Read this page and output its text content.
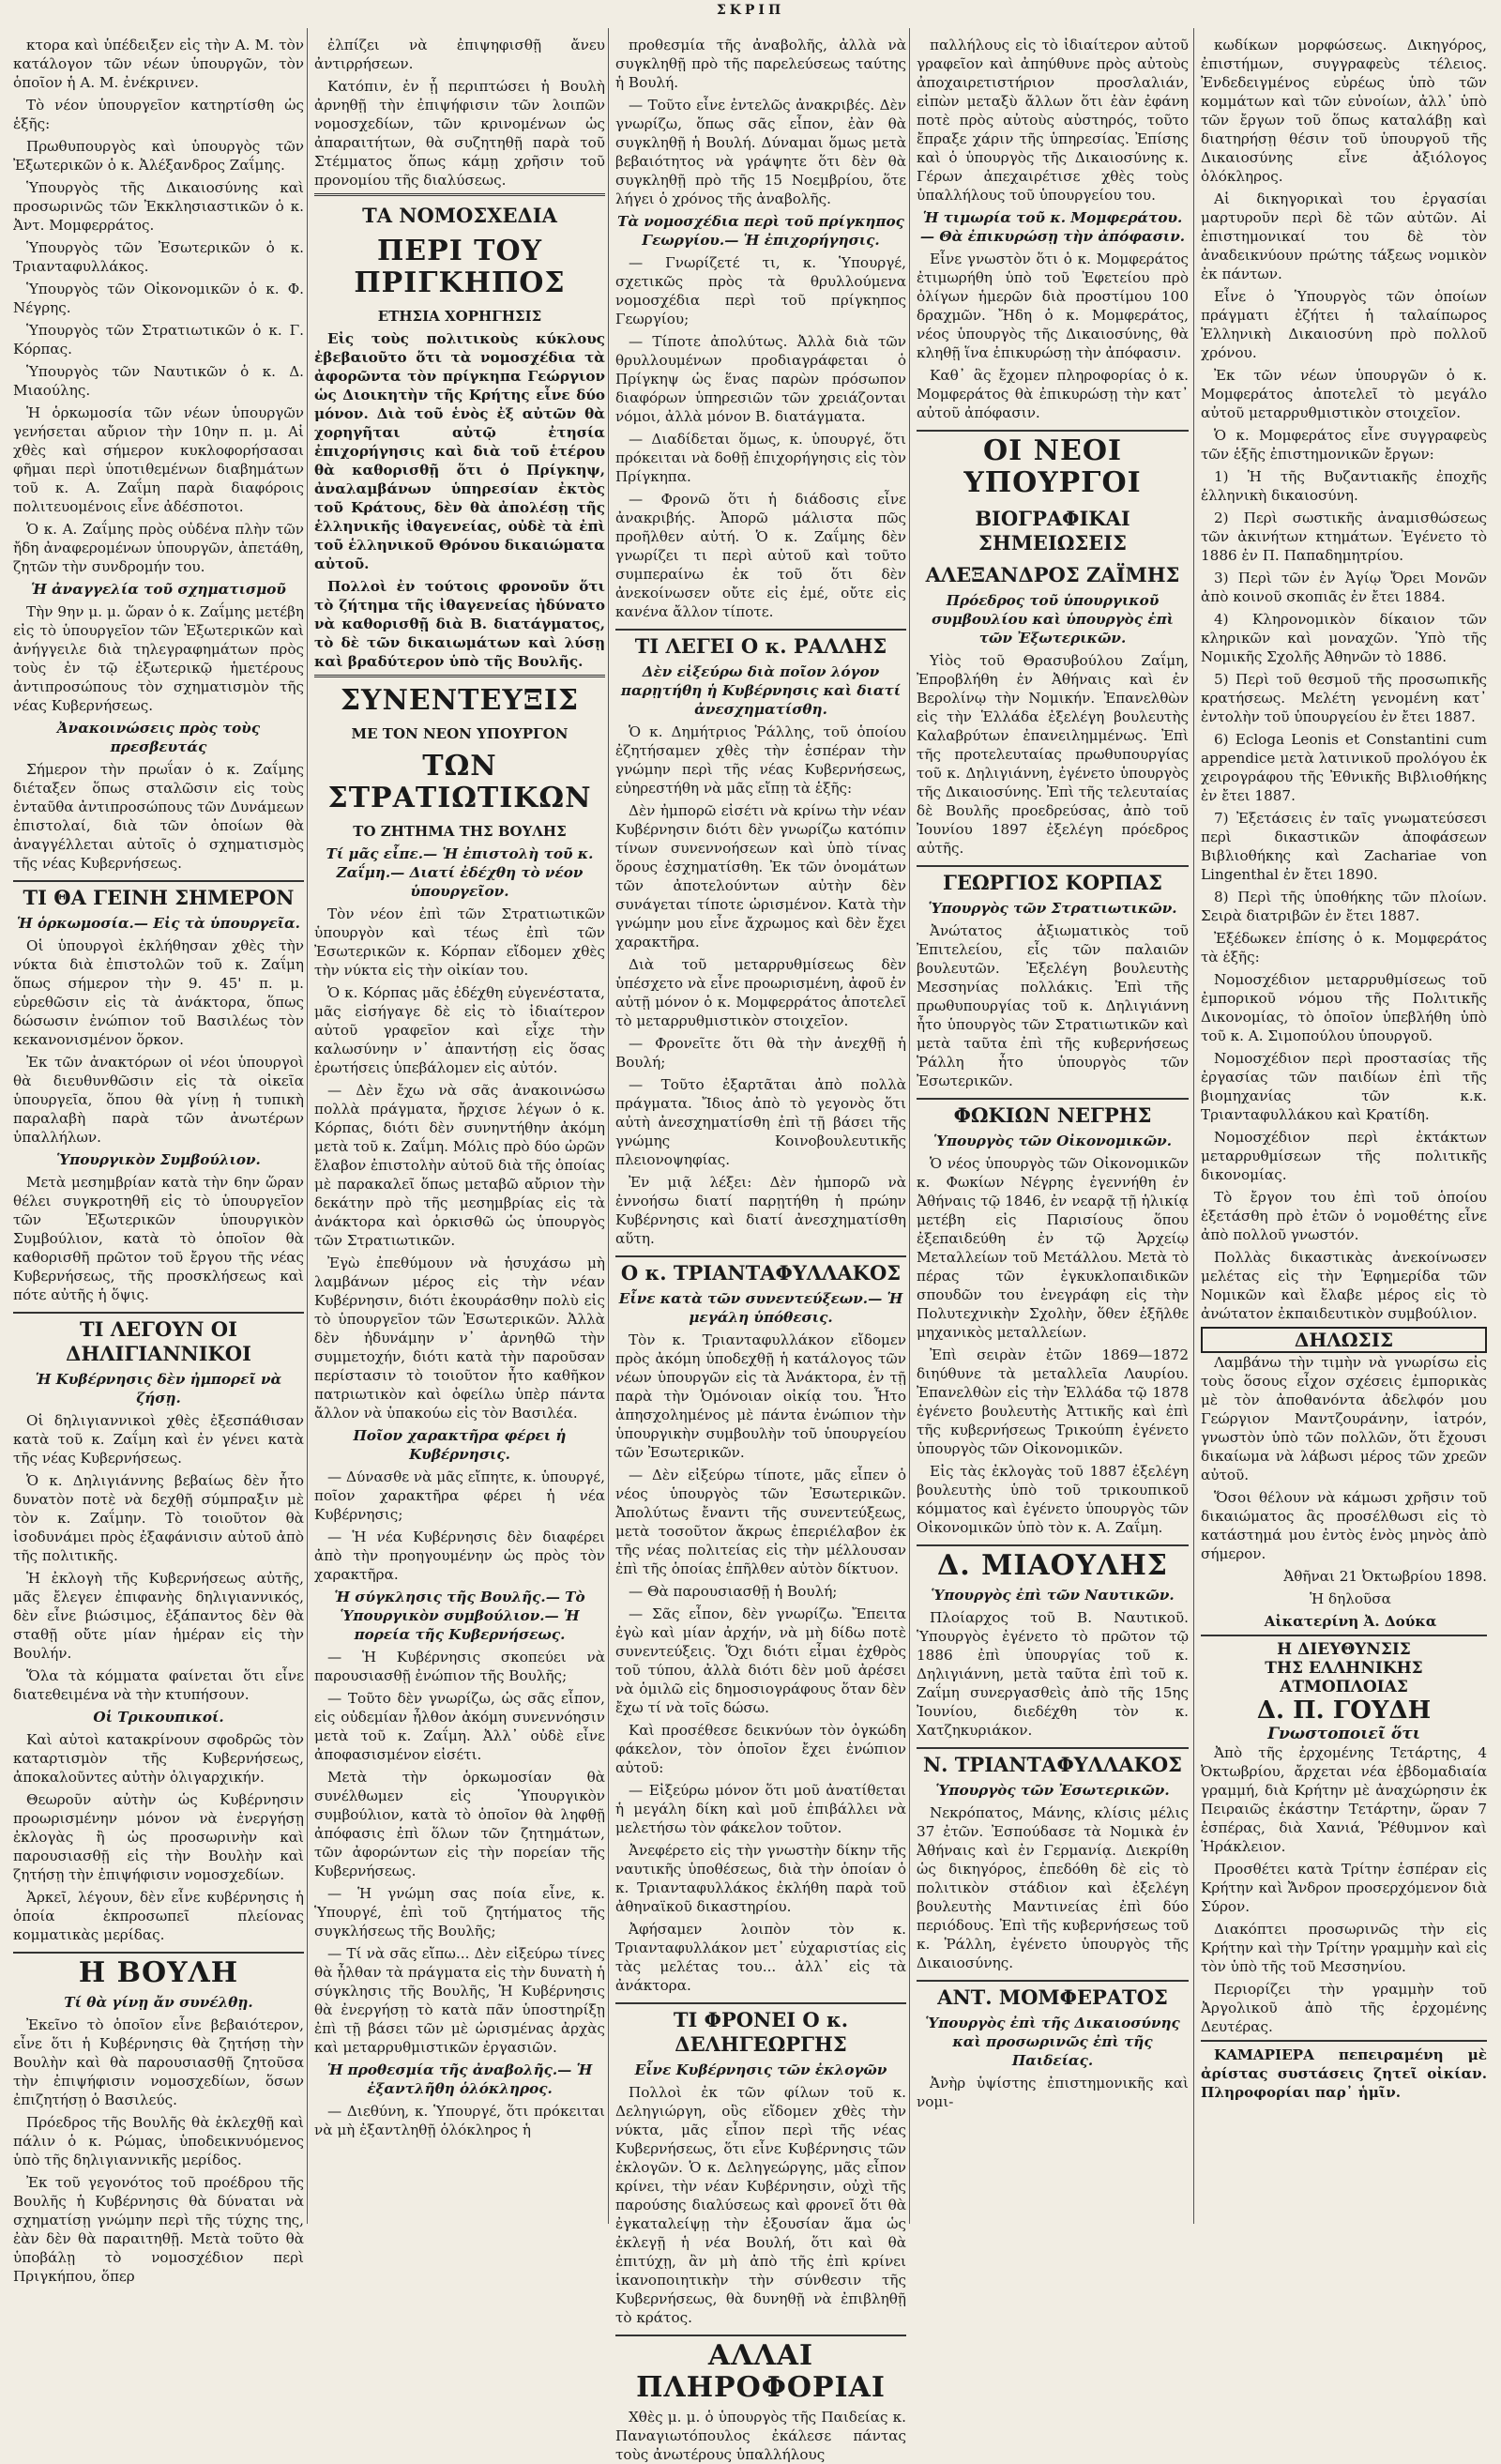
ΣΚΡΙΠ

κτορα καὶ ὑπέδειξεν εἰς τὴν Α. Μ. τὸν κατάλογον τῶν νέων ὑπουργῶν, τὸν ὁποῖον ἡ Α. Μ. ἐνέκρινεν.

Τὸ νέον ὑπουργεῖον κατηρτίσθη ὡς ἑξῆς:

Πρωθυπουργὸς καὶ ὑπουργὸς τῶν Ἐξωτερικῶν ὁ κ. Ἀλέξανδρος Ζαΐμης.

Ὑπουργὸς τῆς Δικαιοσύνης καὶ προσωρινῶς τῶν Ἐκκλησιαστικῶν ὁ κ. Ἀντ. Μομφερράτος.

Ὑπουργὸς τῶν Ἐσωτερικῶν ὁ κ. Τριανταφυλλάκος.

Ὑπουργὸς τῶν Οἰκονομικῶν ὁ κ. Φ. Νέγρης.

Ὑπουργὸς τῶν Στρατιωτικῶν ὁ κ. Γ. Κόρπας.

Ὑπουργὸς τῶν Ναυτικῶν ὁ κ. Δ. Μιαούλης.

Ἡ ὁρκωμοσία τῶν νέων ὑπουργῶν γενήσεται αὔριον τὴν 10ην π. μ. Αἱ χθὲς καὶ σήμερον κυκλοφορήσασαι φῆμαι περὶ ὑποτιθεμένων διαβημάτων τοῦ κ. Α. Ζαΐμη παρὰ διαφόροις πολιτευομένοις εἶνε ἀδέσποτοι.

Ὁ κ. Α. Ζαΐμης πρὸς οὐδένα πλὴν τῶν ἤδη ἀναφερομένων ὑπουργῶν, ἀπετάθη, ζητῶν τὴν συνδρομήν του.

Ἡ ἀναγγελία τοῦ σχηματισμοῦ

Τὴν 9ην μ. μ. ὥραν ὁ κ. Ζαΐμης μετέβη εἰς τὸ ὑπουργεῖον τῶν Ἐξωτερικῶν καὶ ἀνήγγειλε διὰ τηλεγραφημάτων πρὸς τοὺς ἐν τῷ ἐξωτερικῷ ἡμετέρους ἀντιπροσώπους τὸν σχηματισμὸν τῆς νέας Κυβερνήσεως.

Ἀνακοινώσεις πρὸς τοὺς πρεσβευτάς

Σήμερον τὴν πρωΐαν ὁ κ. Ζαΐμης διέταξεν ὅπως σταλῶσιν εἰς τοὺς ἐνταῦθα ἀντιπροσώπους τῶν Δυνάμεων ἐπιστολαί, διὰ τῶν ὁποίων θὰ ἀναγγέλλεται αὐτοῖς ὁ σχηματισμὸς τῆς νέας Κυβερνήσεως.

ΤΙ ΘΑ ΓΕΙΝΗ ΣΗΜΕΡΟΝ

Ἡ ὁρκωμοσία.— Εἰς τὰ ὑπουργεῖα.

Οἱ ὑπουργοὶ ἐκλήθησαν χθὲς τὴν νύκτα διὰ ἐπιστολῶν τοῦ κ. Ζαΐμη ὅπως σήμερον τὴν 9. 45' π. μ. εὑρεθῶσιν εἰς τὰ ἀνάκτορα, ὅπως δώσωσιν ἐνώπιον τοῦ Βασιλέως τὸν κεκανονισμένον ὅρκον.

Ἐκ τῶν ἀνακτόρων οἱ νέοι ὑπουργοὶ θὰ διευθυνθῶσιν εἰς τὰ οἰκεῖα ὑπουργεῖα, ὅπου θὰ γίνῃ ἡ τυπικὴ παραλαβὴ παρὰ τῶν ἀνωτέρων ὑπαλλήλων.

Ὑπουργικὸν Συμβούλιον.

Μετὰ μεσημβρίαν κατὰ τὴν 6ην ὥραν θέλει συγκροτηθῆ εἰς τὸ ὑπουργεῖον τῶν Ἐξωτερικῶν ὑπουργικὸν Συμβούλιον, κατὰ τὸ ὁποῖον θὰ καθορισθῆ πρῶτον τοῦ ἔργου τῆς νέας Κυβερνήσεως, τῆς προσκλήσεως καὶ πότε αὐτῆς ἡ ὅψις.

ΤΙ ΛΕΓΟΥΝ ΟΙ ΔΗΛΙΓΙΑΝΝΙΚΟΙ

Ἡ Κυβέρνησις δὲν ἠμπορεῖ νὰ ζήσῃ.

Οἱ δηλιγιαννικοὶ χθὲς ἐξεσπάθισαν κατὰ τοῦ κ. Ζαΐμη καὶ ἐν γένει κατὰ τῆς νέας Κυβερνήσεως.

Ὁ κ. Δηλιγιάννης βεβαίως δὲν ἦτο δυνατὸν ποτὲ νὰ δεχθῇ σύμπραξιν μὲ τὸν κ. Ζαΐμην. Τὸ τοιοῦτον θὰ ἰσοδυνάμει πρὸς ἐξαφάνισιν αὐτοῦ ἀπὸ τῆς πολιτικῆς.

Ἡ ἐκλογὴ τῆς Κυβερνήσεως αὐτῆς, μᾶς ἔλεγεν ἐπιφανὴς δηλιγιαννικός, δὲν εἶνε βιώσιμος, ἐξάπαντος δὲν θὰ σταθῇ οὔτε μίαν ἡμέραν εἰς τὴν Βουλήν.

Ὅλα τὰ κόμματα φαίνεται ὅτι εἶνε διατεθειμένα νὰ τὴν κτυπήσουν.

Οἱ Τρικουπικοί.

Καὶ αὐτοὶ κατακρίνουν σφοδρῶς τὸν καταρτισμὸν τῆς Κυβερνήσεως, ἀποκαλοῦντες αὐτὴν ὀλιγαρχικήν.

Θεωροῦν αὐτὴν ὡς Κυβέρνησιν προωρισμένην μόνον νὰ ἐνεργήσῃ ἐκλογὰς ἢ ὡς προσωρινὴν καὶ παρουσιασθῇ εἰς τὴν Βουλὴν καὶ ζητήσῃ τὴν ἐπιψήφισιν νομοσχεδίων.

Ἀρκεῖ, λέγουν, δὲν εἶνε κυβέρνησις ἡ ὁποία ἐκπροσωπεῖ πλείονας κομματικὰς μερίδας.

Η ΒΟΥΛΗ

Τί θὰ γίνῃ ἄν συνέλθῃ.

Ἐκεῖνο τὸ ὁποῖον εἶνε βεβαιότερον, εἶνε ὅτι ἡ Κυβέρνησις θὰ ζητήσῃ τὴν Βουλὴν καὶ θὰ παρουσιασθῇ ζητοῦσα τὴν ἐπιψήφισιν νομοσχεδίων, ὅσων ἐπιζητήσῃ ὁ Βασιλεύς.

Πρόεδρος τῆς Βουλῆς θὰ ἐκλεχθῇ καὶ πάλιν ὁ κ. Ρώμας, ὑποδεικνυόμενος ὑπὸ τῆς δηλιγιαννικῆς μερίδος.

Ἐκ τοῦ γεγονότος τοῦ προέδρου τῆς Βουλῆς ἡ Κυβέρνησις θὰ δύναται νὰ σχηματίσῃ γνώμην περὶ τῆς τύχης της, ἐὰν δὲν θὰ παραιτηθῇ. Μετὰ τοῦτο θὰ ὑποβάλῃ τὸ νομοσχέδιον περὶ Πριγκήπου, ὅπερ

ἐλπίζει νὰ ἐπιψηφισθῇ ἄνευ ἀντιρρήσεων.

Κατόπιν, ἐν ᾗ περιπτώσει ἡ Βουλὴ ἀρνηθῇ τὴν ἐπιψήφισιν τῶν λοιπῶν νομοσχεδίων, τῶν κρινομένων ὡς ἀπαραιτήτων, θὰ συζητηθῇ παρὰ τοῦ Στέμματος ὅπως κάμῃ χρῆσιν τοῦ προνομίου τῆς διαλύσεως.

ΤΑ ΝΟΜΟΣΧΕΔΙΑ
ΠΕΡΙ ΤΟΥ ΠΡΙΓΚΗΠΟΣ
ΕΤΗΣΙΑ ΧΟΡΗΓΗΣΙΣ

Εἰς τοὺς πολιτικοὺς κύκλους ἐβεβαιοῦτο ὅτι τὰ νομοσχέδια τὰ ἀφορῶντα τὸν πρίγκηπα Γεώργιον ὡς Διοικητὴν τῆς Κρήτης εἶνε δύο μόνον. Διὰ τοῦ ἑνὸς ἐξ αὐτῶν θὰ χορηγῆται αὐτῷ ἐτησία ἐπιχορήγησις καὶ διὰ τοῦ ἑτέρου θὰ καθορισθῇ ὅτι ὁ Πρίγκηψ, ἀναλαμβάνων ὑπηρεσίαν ἐκτὸς τοῦ Κράτους, δὲν θὰ ἀπολέσῃ τῆς ἑλληνικῆς ἰθαγενείας, οὐδὲ τὰ ἐπὶ τοῦ ἑλληνικοῦ Θρόνου δικαιώματα αὐτοῦ.

Πολλοὶ ἐν τούτοις φρονοῦν ὅτι τὸ ζήτημα τῆς ἰθαγενείας ἠδύνατο νὰ καθορισθῇ διὰ Β. διατάγματος, τὸ δὲ τῶν δικαιωμάτων καὶ λύσῃ καὶ βραδύτερον ὑπὸ τῆς Βουλῆς.

ΣΥΝΕΝΤΕΥΞΙΣ
ΜΕ ΤΟΝ ΝΕΟΝ ΥΠΟΥΡΓΟΝ
ΤΩΝ ΣΤΡΑΤΙΩΤΙΚΩΝ
ΤΟ ΖΗΤΗΜΑ ΤΗΣ ΒΟΥΛΗΣ

Τί μᾶς εἶπε.— Ἡ ἐπιστολὴ τοῦ κ. Ζαΐμη.— Διατί ἐδέχθη τὸ νέον ὑπουργεῖον.

Τὸν νέον ἐπὶ τῶν Στρατιωτικῶν ὑπουργὸν καὶ τέως ἐπὶ τῶν Ἐσωτερικῶν κ. Κόρπαν εἴδομεν χθὲς τὴν νύκτα εἰς τὴν οἰκίαν του.

Ὁ κ. Κόρπας μᾶς ἐδέχθη εὐγενέστατα, μᾶς εἰσήγαγε δὲ εἰς τὸ ἰδιαίτερον αὐτοῦ γραφεῖον καὶ εἶχε τὴν καλωσύνην ν᾽ ἀπαντήσῃ εἰς ὅσας ἐρωτήσεις ὑπεβάλομεν εἰς αὐτόν.

— Δὲν ἔχω νὰ σᾶς ἀνακοινώσω πολλὰ πράγματα, ἤρχισε λέγων ὁ κ. Κόρπας, διότι δὲν συνηντήθην ἀκόμη μετὰ τοῦ κ. Ζαΐμη. Μόλις πρὸ δύο ὡρῶν ἔλαβον ἐπιστολὴν αὐτοῦ διὰ τῆς ὁποίας μὲ παρακαλεῖ ὅπως μεταβῶ αὔριον τὴν δεκάτην πρὸ τῆς μεσημβρίας εἰς τὰ ἀνάκτορα καὶ ὁρκισθῶ ὡς ὑπουργὸς τῶν Στρατιωτικῶν.

Ἐγὼ ἐπεθύμουν νὰ ἡσυχάσω μὴ λαμβάνων μέρος εἰς τὴν νέαν Κυβέρνησιν, διότι ἐκουράσθην πολὺ εἰς τὸ ὑπουργεῖον τῶν Ἐσωτερικῶν. Ἀλλὰ δὲν ἠδυνάμην ν᾽ ἀρνηθῶ τὴν συμμετοχήν, διότι κατὰ τὴν παροῦσαν περίστασιν τὸ τοιοῦτον ἦτο καθῆκον πατριωτικὸν καὶ ὀφείλω ὑπὲρ πάντα ἄλλον νὰ ὑπακούω εἰς τὸν Βασιλέα.

Ποῖον χαρακτῆρα φέρει ἡ Κυβέρνησις.

— Δύνασθε νὰ μᾶς εἴπητε, κ. ὑπουργέ, ποῖον χαρακτῆρα φέρει ἡ νέα Κυβέρνησις;

— Ἡ νέα Κυβέρνησις δὲν διαφέρει ἀπὸ τὴν προηγουμένην ὡς πρὸς τὸν χαρακτῆρα.

Ἡ σύγκλησις τῆς Βουλῆς.— Τὸ Ὑπουργικὸν συμβούλιον.— Ἡ πορεία τῆς Κυβερνήσεως.

— Ἡ Κυβέρνησις σκοπεύει νὰ παρουσιασθῇ ἐνώπιον τῆς Βουλῆς;

— Τοῦτο δὲν γνωρίζω, ὡς σᾶς εἶπον, εἰς οὐδεμίαν ἦλθον ἀκόμη συνεννόησιν μετὰ τοῦ κ. Ζαΐμη. Ἀλλ᾽ οὐδὲ εἶνε ἀποφασισμένον εἰσέτι.

Μετὰ τὴν ὁρκωμοσίαν θὰ συνέλθωμεν εἰς Ὑπουργικὸν συμβούλιον, κατὰ τὸ ὁποῖον θὰ ληφθῇ ἀπόφασις ἐπὶ ὅλων τῶν ζητημάτων, τῶν ἀφορώντων εἰς τὴν πορείαν τῆς Κυβερνήσεως.

— Ἡ γνώμη σας ποία εἶνε, κ. Ὑπουργέ, ἐπὶ τοῦ ζητήματος τῆς συγκλήσεως τῆς Βουλῆς;

— Τί νὰ σᾶς εἴπω... Δὲν εἰξεύρω τίνες θὰ ἦλθαν τὰ πράγματα εἰς τὴν δυνατὴ ἡ σύγκλησις τῆς Βουλῆς, Ἡ Κυβέρνησις θὰ ἐνεργήσῃ τὸ κατὰ πᾶν ὑποστηρίξῃ ἐπὶ τῇ βάσει τῶν μὲ ὡρισμένας ἀρχὰς καὶ μεταρρυθμιστικῶν ἐργασιῶν.

Ἡ προθεσμία τῆς ἀναβολῆς.— Ἡ ἐξαντλῆθη ὁλόκληρος.

— Διεθύνη, κ. Ὑπουργέ, ὅτι πρόκειται νὰ μὴ ἐξαντληθῇ ὁλόκληρος ἡ

προθεσμία τῆς ἀναβολῆς, ἀλλὰ νὰ συγκληθῇ πρὸ τῆς παρελεύσεως ταύτης ἡ Βουλή.

— Τοῦτο εἶνε ἐντελῶς ἀνακριβές. Δὲν γνωρίζω, ὅπως σᾶς εἶπον, ἐὰν θὰ συγκληθῇ ἡ Βουλή. Δύναμαι ὅμως μετὰ βεβαιότητος νὰ γράψητε ὅτι δὲν θὰ συγκληθῇ πρὸ τῆς 15 Νοεμβρίου, ὅτε λήγει ὁ χρόνος τῆς ἀναβολῆς.

Τὰ νομοσχέδια περὶ τοῦ πρίγκηπος Γεωργίου.— Ἡ ἐπιχορήγησις.

— Γνωρίζετέ τι, κ. Ὑπουργέ, σχετικῶς πρὸς τὰ θρυλλούμενα νομοσχέδια περὶ τοῦ πρίγκηπος Γεωργίου;

— Τίποτε ἀπολύτως. Ἀλλὰ διὰ τῶν θρυλλουμένων προδιαγράφεται ὁ Πρίγκηψ ὡς ἕνας παρὼν πρόσωπον διαφόρων ὑπηρεσιῶν τῶν χρειάζονται νόμοι, ἀλλὰ μόνον Β. διατάγματα.

— Διαδίδεται ὅμως, κ. ὑπουργέ, ὅτι πρόκειται νὰ δοθῇ ἐπιχορήγησις εἰς τὸν Πρίγκηπα.

— Φρονῶ ὅτι ἡ διάδοσις εἶνε ἀνακριβής. Ἀπορῶ μάλιστα πῶς προῆλθεν αὐτή. Ὁ κ. Ζαΐμης δὲν γνωρίζει τι περὶ αὐτοῦ καὶ τοῦτο συμπεραίνω ἐκ τοῦ ὅτι δὲν ἀνεκοίνωσεν οὔτε εἰς ἐμέ, οὔτε εἰς κανένα ἄλλον τίποτε.

ΤΙ ΛΕΓΕΙ Ο κ. ΡΑΛΛΗΣ

Δὲν εἰξεύρω διὰ ποῖον λόγον παρῃτήθη ἡ Κυβέρνησις καὶ διατί ἀνεσχηματίσθη.

Ὁ κ. Δημήτριος Ῥάλλης, τοῦ ὁποίου ἐζητήσαμεν χθὲς τὴν ἑσπέραν τὴν γνώμην περὶ τῆς νέας Κυβερνήσεως, εὐηρεστήθη νὰ μᾶς εἴπῃ τὰ ἑξῆς:

Δὲν ἠμπορῶ εἰσέτι νὰ κρίνω τὴν νέαν Κυβέρνησιν διότι δὲν γνωρίζω κατόπιν τίνων συνεννοήσεων καὶ ὑπὸ τίνας ὅρους ἐσχηματίσθη. Ἐκ τῶν ὀνομάτων τῶν ἀποτελούντων αὐτὴν δὲν συνάγεται τίποτε ὡρισμένον. Κατὰ τὴν γνώμην μου εἶνε ἄχρωμος καὶ δὲν ἔχει χαρακτῆρα.

Διὰ τοῦ μεταρρυθμίσεως δὲν ὑπέσχετο νὰ εἶνε προωρισμένη, ἀφοῦ ἐν αὐτῇ μόνον ὁ κ. Μομφερράτος ἀποτελεῖ τὸ μεταρρυθμιστικὸν στοιχεῖον.

— Φρονεῖτε ὅτι θὰ τὴν ἀνεχθῇ ἡ Βουλή;

— Τοῦτο ἐξαρτᾶται ἀπὸ πολλὰ πράγματα. Ἴδιος ἀπὸ τὸ γεγονὸς ὅτι αὐτὴ ἀνεσχηματίσθη ἐπὶ τῇ βάσει τῆς γνώμης Κοινοβουλευτικῆς πλειονοψηφίας.

Ἐν μιᾷ λέξει: Δὲν ἠμπορῶ νὰ ἐννοήσω διατί παρῃτήθη ἡ πρώην Κυβέρνησις καὶ διατί ἀνεσχηματίσθη αὕτη.

Ο κ. ΤΡΙΑΝΤΑΦΥΛΛΑΚΟΣ

Εἶνε κατὰ τῶν συνεντεύξεων.— Ἡ μεγάλη ὑπόθεσις.

Τὸν κ. Τριανταφυλλάκον εἴδομεν πρὸς ἀκόμη ὑποδεχθῇ ἡ κατάλογος τῶν νέων ὑπουργῶν εἰς τὰ Ἀνάκτορα, ἐν τῇ παρὰ τὴν Ὁμόνοιαν οἰκίᾳ του. Ἦτο ἀπησχολημένος μὲ πάντα ἐνώπιον τὴν ὑπουργικὴν συμβουλὴν τοῦ ὑπουργείου τῶν Ἐσωτερικῶν.

— Δὲν εἰξεύρω τίποτε, μᾶς εἶπεν ὁ νέος ὑπουργὸς τῶν Ἐσωτερικῶν. Ἀπολύτως ἔναντι τῆς συνεντεύξεως, μετὰ τοσοῦτον ἄκρως ἐπεριέλαβον ἐκ τῆς νέας πολιτείας εἰς τὴν μέλλουσαν ἐπὶ τῆς ὁποίας ἐπῆλθεν αὐτὸν δίκτυον.

— Θὰ παρουσιασθῇ ἡ Βουλή;

— Σᾶς εἶπον, δὲν γνωρίζω. Ἔπειτα ἐγὼ καὶ μίαν ἀρχήν, νὰ μὴ δίδω ποτὲ συνεντεύξεις. Ὅχι διότι εἶμαι ἐχθρὸς τοῦ τύπου, ἀλλὰ διότι δὲν μοῦ ἀρέσει νὰ ὁμιλῶ εἰς δημοσιογράφους ὅταν δὲν ἔχω τί νὰ τοῖς δώσω.

Καὶ προσέθεσε δεικνύων τὸν ὀγκώδη φάκελον, τὸν ὁποῖον ἔχει ἐνώπιον αὐτοῦ:

— Εἰξεύρω μόνον ὅτι μοῦ ἀνατίθεται ἡ μεγάλη δίκη καὶ μοῦ ἐπιβάλλει νὰ μελετήσω τὸν φάκελον τοῦτον.

Ἀνεφέρετο εἰς τὴν γνωστὴν δίκην τῆς ναυτικῆς ὑποθέσεως, διὰ τὴν ὁποίαν ὁ κ. Τριανταφυλλάκος ἐκλήθη παρὰ τοῦ ἀθηναϊκοῦ δικαστηρίου.

Ἀφήσαμεν λοιπὸν τὸν κ. Τριανταφυλλάκον μετ᾽ εὐχαριστίας εἰς τὰς μελέτας του... ἀλλ᾽ εἰς τὰ ἀνάκτορα.

ΤΙ ΦΡΟΝΕΙ Ο κ. ΔΕΛΗΓΕΩΡΓΗΣ

Εἶνε Κυβέρνησις τῶν ἐκλογῶν

Πολλοὶ ἐκ τῶν φίλων τοῦ κ. Δεληγιώργη, οὓς εἴδομεν χθὲς τὴν νύκτα, μᾶς εἶπον περὶ τῆς νέας Κυβερνήσεως, ὅτι εἶνε Κυβέρνησις τῶν ἐκλογῶν. Ὁ κ. Δεληγεώργης, μᾶς εἶπον κρίνει, τὴν νέαν Κυβέρνησιν, οὐχὶ τῆς παρούσης διαλύσεως καὶ φρονεῖ ὅτι θὰ ἐγκαταλείψῃ τὴν ἐξουσίαν ἅμα ὡς ἐκλεγῇ ἡ νέα Βουλή, ὅτι καὶ θὰ ἐπιτύχῃ, ἂν μὴ ἀπὸ τῆς ἐπὶ κρίνει ἱκανοποιητικὴν τὴν σύνθεσιν τῆς Κυβερνήσεως, θὰ δυνηθῇ νὰ ἐπιβληθῇ τὸ κράτος.

ΑΛΛΑΙ ΠΛΗΡΟΦΟΡΙΑΙ

Χθὲς μ. μ. ὁ ὑπουργὸς τῆς Παιδείας κ. Παναγιωτόπουλος ἐκάλεσε πάντας τοὺς ἀνωτέρους ὑπαλλήλους

παλλήλους εἰς τὸ ἰδιαίτερον αὐτοῦ γραφεῖον καὶ ἀπηύθυνε πρὸς αὐτοὺς ἀποχαιρετιστήριον προσλαλιάν, εἰπὼν μεταξὺ ἄλλων ὅτι ἐὰν ἐφάνη ποτὲ πρὸς αὐτοὺς αὐστηρός, τοῦτο ἔπραξε χάριν τῆς ὑπηρεσίας. Ἐπίσης καὶ ὁ ὑπουργὸς τῆς Δικαιοσύνης κ. Γέρων ἀπεχαιρέτισε χθὲς τοὺς ὑπαλλήλους τοῦ ὑπουργείου του.

Ἡ τιμωρία τοῦ κ. Μομφεράτου.— Θὰ ἐπικυρώσῃ τὴν ἀπόφασιν.

Εἶνε γνωστὸν ὅτι ὁ κ. Μομφεράτος ἐτιμωρήθη ὑπὸ τοῦ Ἐφετείου πρὸ ὀλίγων ἡμερῶν διὰ προστίμου 100 δραχμῶν. Ἤδη ὁ κ. Μομφεράτος, νέος ὑπουργὸς τῆς Δικαιοσύνης, θὰ κληθῇ ἵνα ἐπικυρώσῃ τὴν ἀπόφασιν.

Καθ᾽ ἃς ἔχομεν πληροφορίας ὁ κ. Μομφεράτος θὰ ἐπικυρώσῃ τὴν κατ᾽ αὐτοῦ ἀπόφασιν.

ΟΙ ΝΕΟΙ ΥΠΟΥΡΓΟΙ
ΒΙΟΓΡΑΦΙΚΑΙ ΣΗΜΕΙΩΣΕΙΣ
ΑΛΕΞΑΝΔΡΟΣ ΖΑΪΜΗΣ

Πρόεδρος τοῦ ὑπουργικοῦ συμβουλίου καὶ ὑπουργὸς ἐπὶ τῶν Ἐξωτερικῶν.

Υἱὸς τοῦ Θρασυβούλου Ζαΐμη, Ἐπροβλήθη ἐν Ἀθήναις καὶ ἐν Βερολίνῳ τὴν Νομικήν. Ἐπανελθὼν εἰς τὴν Ἑλλάδα ἐξελέγη βουλευτὴς Καλαβρύτων ἐπανειλημμένως. Ἐπὶ τῆς προτελευταίας πρωθυπουργίας τοῦ κ. Δηλιγιάννη, ἐγένετο ὑπουργὸς τῆς Δικαιοσύνης. Ἐπὶ τῆς τελευταίας δὲ Βουλῆς προεδρεύσας, ἀπὸ τοῦ Ἰουνίου 1897 ἐξελέγη πρόεδρος αὐτῆς.

ΓΕΩΡΓΙΟΣ ΚΟΡΠΑΣ

Ὑπουργὸς τῶν Στρατιωτικῶν.

Ἀνώτατος ἀξιωματικὸς τοῦ Ἐπιτελείου, εἷς τῶν παλαιῶν βουλευτῶν. Ἐξελέγη βουλευτὴς Μεσσηνίας πολλάκις. Ἐπὶ τῆς πρωθυπουργίας τοῦ κ. Δηλιγιάννη ἦτο ὑπουργὸς τῶν Στρατιωτικῶν καὶ μετὰ ταῦτα ἐπὶ τῆς κυβερνήσεως Ῥάλλη ἦτο ὑπουργὸς τῶν Ἐσωτερικῶν.

ΦΩΚΙΩΝ ΝΕΓΡΗΣ

Ὑπουργὸς τῶν Οἰκονομικῶν.

Ὁ νέος ὑπουργὸς τῶν Οἰκονομικῶν κ. Φωκίων Νέγρης ἐγεννήθη ἐν Ἀθήναις τῷ 1846, ἐν νεαρᾷ τῇ ἡλικίᾳ μετέβη εἰς Παρισίους ὅπου ἐξεπαιδεύθη ἐν τῷ Ἀρχείῳ Μεταλλείων τοῦ Μετάλλου. Μετὰ τὸ πέρας τῶν ἐγκυκλοπαιδικῶν σπουδῶν του ἐνεγράφη εἰς τὴν Πολυτεχνικὴν Σχολὴν, ὅθεν ἐξῆλθε μηχανικὸς μεταλλείων.

Ἐπὶ σειρὰν ἐτῶν 1869—1872 διηύθυνε τὰ μεταλλεῖα Λαυρίου. Ἐπανελθὼν εἰς τὴν Ἑλλάδα τῷ 1878 ἐγένετο βουλευτὴς Ἀττικῆς καὶ ἐπὶ τῆς κυβερνήσεως Τρικούπη ἐγένετο ὑπουργὸς τῶν Οἰκονομικῶν.

Εἰς τὰς ἐκλογὰς τοῦ 1887 ἐξελέγη βουλευτὴς ὑπὸ τοῦ τρικουπικοῦ κόμματος καὶ ἐγένετο ὑπουργὸς τῶν Οἰκονομικῶν ὑπὸ τὸν κ. Α. Ζαΐμη.

Δ. ΜΙΑΟΥΛΗΣ

Ὑπουργὸς ἐπὶ τῶν Ναυτικῶν.

Πλοίαρχος τοῦ Β. Ναυτικοῦ. Ὑπουργὸς ἐγένετο τὸ πρῶτον τῷ 1886 ἐπὶ ὑπουργίας τοῦ κ. Δηλιγιάννη, μετὰ ταῦτα ἐπὶ τοῦ κ. Ζαΐμη συνεργασθεὶς ἀπὸ τῆς 15ης Ἰουνίου, διεδέχθη τὸν κ. Χατζηκυριάκον.

Ν. ΤΡΙΑΝΤΑΦΥΛΛΑΚΟΣ

Ὑπουργὸς τῶν Ἐσωτερικῶν.

Νεκρόπατος, Μάνης, κλίσις μέλις 37 ἐτῶν. Ἐσπούδασε τὰ Νομικὰ ἐν Ἀθήναις καὶ ἐν Γερμανίᾳ. Διεκρίθη ὡς δικηγόρος, ἐπεδόθη δὲ εἰς τὸ πολιτικὸν στάδιον καὶ ἐξελέγη βουλευτὴς Μαντινείας ἐπὶ δύο περιόδους. Ἐπὶ τῆς κυβερνήσεως τοῦ κ. Ῥάλλη, ἐγένετο ὑπουργὸς τῆς Δικαιοσύνης.

ΑΝΤ. ΜΟΜΦΕΡΑΤΟΣ

Ὑπουργὸς ἐπὶ τῆς Δικαιοσύνης καὶ προσωρινῶς ἐπὶ τῆς Παιδείας.

Ἀνὴρ ὑψίστης ἐπιστημονικῆς καὶ νομι-

κωδίκων μορφώσεως. Δικηγόρος, ἐπιστήμων, συγγραφεὺς τέλειος. Ἐνδεδειγμένος εὐρέως ὑπὸ τῶν κομμάτων καὶ τῶν εὐνοίων, ἀλλ᾽ ὑπὸ τῶν ἔργων τοῦ ὅπως καταλάβῃ καὶ διατηρήσῃ θέσιν τοῦ ὑπουργοῦ τῆς Δικαιοσύνης εἶνε ἀξιόλογος ὁλόκληρος.

Αἱ δικηγορικαὶ του ἐργασίαι μαρτυροῦν περὶ δὲ τῶν αὐτῶν. Αἱ ἐπιστημονικαί του δὲ τὸν ἀναδεικνύουν πρώτης τάξεως νομικὸν ἐκ πάντων.

Εἶνε ὁ Ὑπουργὸς τῶν ὁποίων πράγματι ἐζήτει ἡ ταλαίπωρος Ἑλληνικὴ Δικαιοσύνη πρὸ πολλοῦ χρόνου.

Ἐκ τῶν νέων ὑπουργῶν ὁ κ. Μομφεράτος ἀποτελεῖ τὸ μεγάλο αὐτοῦ μεταρρυθμιστικὸν στοιχεῖον.

Ὁ κ. Μομφεράτος εἶνε συγγραφεὺς τῶν ἑξῆς ἐπιστημονικῶν ἔργων:

1) Ἡ τῆς Βυζαντιακῆς ἐποχῆς ἑλληνικὴ δικαιοσύνη.

2) Περὶ σωστικῆς ἀναμισθώσεως τῶν ἀκινήτων κτημάτων. Ἐγένετο τὸ 1886 ἐν Π. Παπαδημητρίου.

3) Περὶ τῶν ἐν Ἀγίῳ Ὄρει Μονῶν ἀπὸ κοινοῦ σκοπιᾶς ἐν ἔτει 1884.

4) Κληρονομικὸν δίκαιον τῶν κληρικῶν καὶ μοναχῶν. Ὑπὸ τῆς Νομικῆς Σχολῆς Ἀθηνῶν τὸ 1886.

5) Περὶ τοῦ θεσμοῦ τῆς προσωπικῆς κρατήσεως. Μελέτη γενομένη κατ᾽ ἐντολὴν τοῦ ὑπουργείου ἐν ἔτει 1887.

6) Ecloga Leonis et Constantini cum appendice μετὰ λατινικοῦ προλόγου ἐκ χειρογράφου τῆς Ἐθνικῆς Βιβλιοθήκης ἐν ἔτει 1887.

7) Ἐξετάσεις ἐν ταῖς γνωματεύσεσι περὶ δικαστικῶν ἀποφάσεων Βιβλιοθήκης καὶ Zachariae von Lingenthal ἐν ἔτει 1890.

8) Περὶ τῆς ὑποθήκης τῶν πλοίων. Σειρὰ διατριβῶν ἐν ἔτει 1887.

Ἐξέδωκεν ἐπίσης ὁ κ. Μομφεράτος τὰ ἑξῆς:

Νομοσχέδιον μεταρρυθμίσεως τοῦ ἐμπορικοῦ νόμου τῆς Πολιτικῆς Δικονομίας, τὸ ὁποῖον ὑπεβλήθη ὑπὸ τοῦ κ. Α. Σιμοπούλου ὑπουργοῦ.

Νομοσχέδιον περὶ προστασίας τῆς ἐργασίας τῶν παιδίων ἐπὶ τῆς βιομηχανίας τῶν κ.κ. Τριανταφυλλάκου καὶ Κρατίδη.

Νομοσχέδιον περὶ ἐκτάκτων μεταρρυθμίσεων τῆς πολιτικῆς δικονομίας.

Τὸ ἔργον του ἐπὶ τοῦ ὁποίου ἐξετάσθη πρὸ ἐτῶν ὁ νομοθέτης εἶνε ἀπὸ πολλοῦ γνωστόν.

Πολλὰς δικαστικὰς ἀνεκοίνωσεν μελέτας εἰς τὴν Ἐφημερίδα τῶν Νομικῶν καὶ ἔλαβε μέρος εἰς τὸ ἀνώτατον ἐκπαιδευτικὸν συμβούλιον.

ΔΗΛΩΣΙΣ

Λαμβάνω τὴν τιμὴν νὰ γνωρίσω εἰς τοὺς ὅσους εἶχον σχέσεις ἐμπορικὰς μὲ τὸν ἀποθανόντα ἀδελφόν μου Γεώργιον Μαντζουράνην, ἰατρόν, γνωστὸν ὑπὸ τῶν πολλῶν, ὅτι ἔχουσι δικαίωμα νὰ λάβωσι μέρος τῶν χρεῶν αὐτοῦ.

Ὅσοι θέλουν νὰ κάμωσι χρῆσιν τοῦ δικαιώματος ἂς προσέλθωσι εἰς τὸ κατάστημά μου ἐντὸς ἑνὸς μηνὸς ἀπὸ σήμερον.

Ἀθῆναι 21 Ὀκτωβρίου 1898.

Ἡ δηλοῦσα

Αἰκατερίνη Ἀ. Δούκα

Η ΔΙΕΥΘΥΝΣΙΣ
ΤΗΣ ΕΛΛΗΝΙΚΗΣ ΑΤΜΟΠΛΟΙΑΣ
Δ. Π. ΓΟΥΔΗ
Γνωστοποιεῖ ὅτι

Ἀπὸ τῆς ἐρχομένης Τετάρτης, 4 Ὀκτωβρίου, ἄρχεται νέα ἑβδομαδιαία γραμμή, διὰ Κρήτην μὲ ἀναχώρησιν ἐκ Πειραιῶς ἑκάστην Τετάρτην, ὥραν 7 ἑσπέρας, διὰ Χανιά, Ῥέθυμνον καὶ Ἡράκλειον.

Προσθέτει κατὰ Τρίτην ἑσπέραν εἰς Κρήτην καὶ Ἄνδρον προσερχόμενον διὰ Σύρον.

Διακόπτει προσωρινῶς τὴν εἰς Κρήτην καὶ τὴν Τρίτην γραμμὴν καὶ εἰς τὸν ὑπὸ τῆς τοῦ Μεσσηνίου.

Περιορίζει τὴν γραμμὴν τοῦ Ἀργολικοῦ ἀπὸ τῆς ἐρχομένης Δευτέρας.

ΚΑΜΑΡΙΕΡΑ πεπειραμένη μὲ ἀρίστας συστάσεις ζητεῖ οἰκίαν. Πληροφορίαι παρ᾽ ἡμῖν.
